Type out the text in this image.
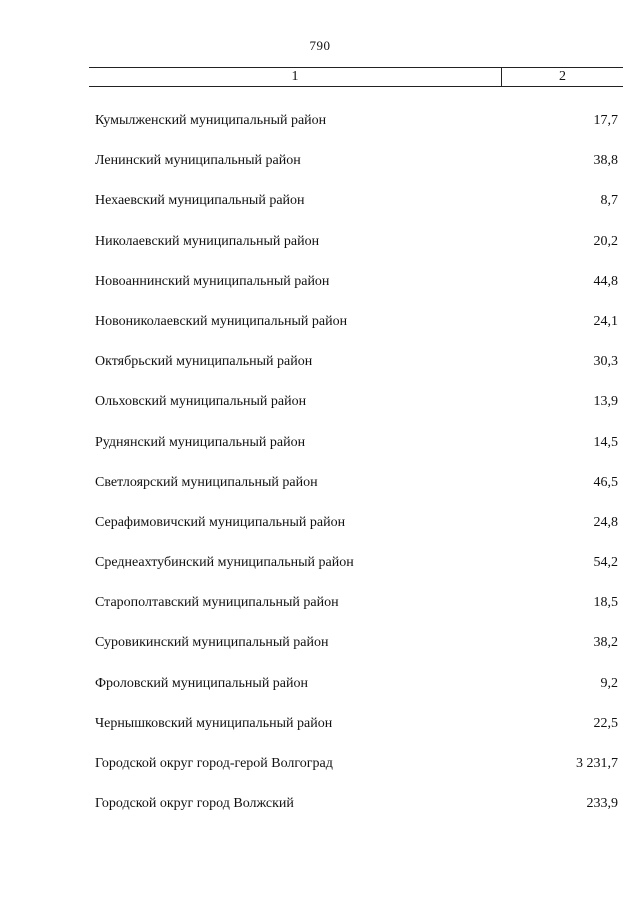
790
1	2
Кумылженский муниципальный район	17,7
Ленинский муниципальный район	38,8
Нехаевский муниципальный район	8,7
Николаевский муниципальный район	20,2
Новоаннинский муниципальный район	44,8
Новониколаевский муниципальный район	24,1
Октябрьский муниципальный район	30,3
Ольховский муниципальный район	13,9
Руднянский муниципальный район	14,5
Светлоярский муниципальный район	46,5
Серафимовичский муниципальный район	24,8
Среднеахтубинский муниципальный район	54,2
Старополтавский муниципальный район	18,5
Суровикинский муниципальный район	38,2
Фроловский муниципальный район	9,2
Чернышковский муниципальный район	22,5
Городской округ город-герой Волгоград	3 231,7
Городской округ город Волжский	233,9
